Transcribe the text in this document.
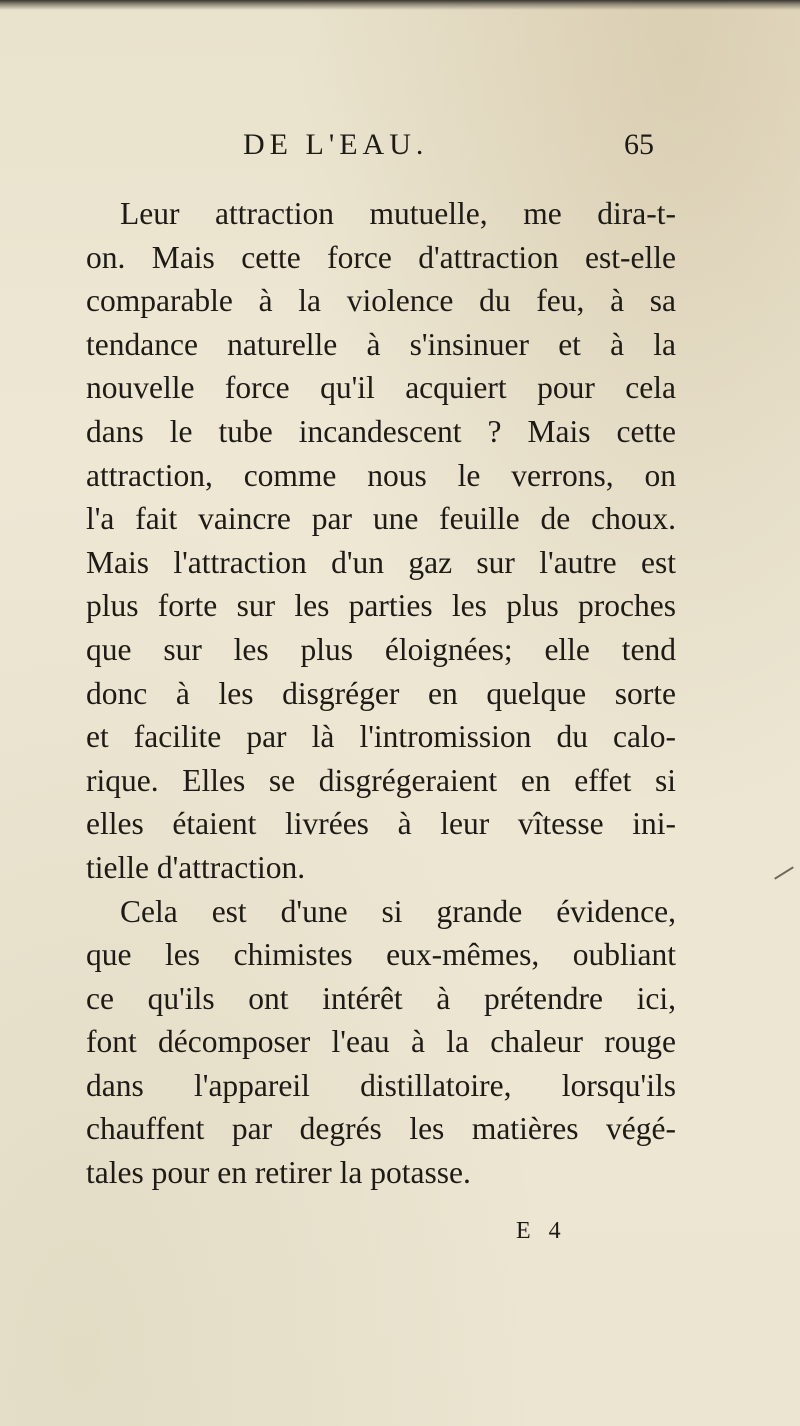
DE L'EAU.	65
Leur attraction mutuelle, me dira-t-
on. Mais cette force d'attraction est-elle
comparable à la violence du feu, à sa
tendance naturelle à s'insinuer et à la
nouvelle force qu'il acquiert pour cela
dans le tube incandescent ? Mais cette
attraction, comme nous le verrons, on
l'a fait vaincre par une feuille de choux.
Mais l'attraction d'un gaz sur l'autre est
plus forte sur les parties les plus proches
que sur les plus éloignées; elle tend
donc à les disgréger en quelque sorte
et facilite par là l'intromission du calo-
rique. Elles se disgrégeraient en effet si
elles étaient livrées à leur vîtesse ini-
tielle d'attraction.
Cela est d'une si grande évidence,
que les chimistes eux-mêmes, oubliant
ce qu'ils ont intérêt à prétendre ici,
font décomposer l'eau à la chaleur rouge
dans l'appareil distillatoire, lorsqu'ils
chauffent par degrés les matières végé-
tales pour en retirer la potasse.
E 4
